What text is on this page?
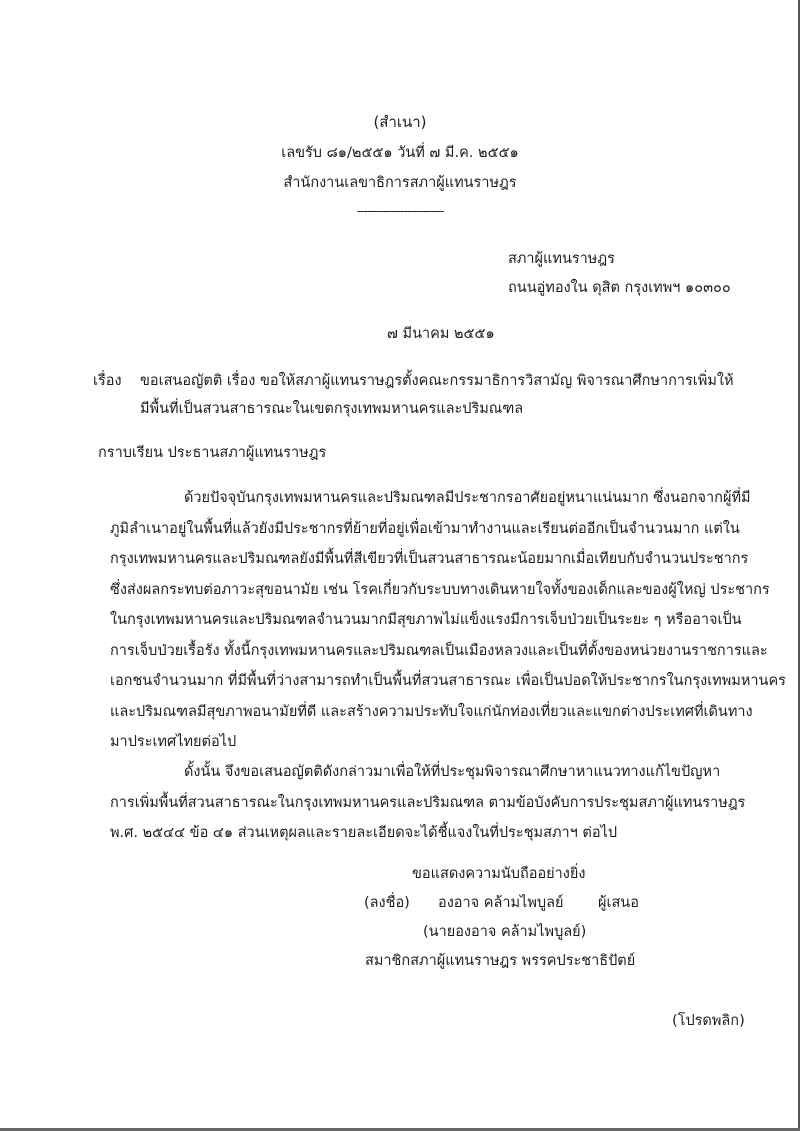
(สำเนา)
เลขรับ ๘๑/๒๕๕๑ วันที่ ๗ มี.ค. ๒๕๕๑
สำนักงานเลขาธิการสภาผู้แทนราษฎร
--------------------------
สภาผู้แทนราษฎร
ถนนอู่ทองใน ดุสิต กรุงเทพฯ ๑๐๓๐๐
๗ มีนาคม ๒๕๕๑
เรื่อง ขอเสนอญัตติ เรื่อง ขอให้สภาผู้แทนราษฎรตั้งคณะกรรมาธิการวิสามัญ พิจารณาศึกษาการเพิ่มให้
มีพื้นที่เป็นสวนสาธารณะในเขตกรุงเทพมหานครและปริมณฑล
กราบเรียน ประธานสภาผู้แทนราษฎร
ด้วยปัจจุบันกรุงเทพมหานครและปริมณฑลมีประชากรอาศัยอยู่หนาแน่นมาก ซึ่งนอกจากผู้ที่มี
ภูมิลำเนาอยู่ในพื้นที่แล้วยังมีประชากรที่ย้ายที่อยู่เพื่อเข้ามาทำงานและเรียนต่ออีกเป็นจำนวนมาก แต่ใน
กรุงเทพมหานครและปริมณฑลยังมีพื้นที่สีเขียวที่เป็นสวนสาธารณะน้อยมากเมื่อเทียบกับจำนวนประชากร
ซึ่งส่งผลกระทบต่อภาวะสุขอนามัย เช่น โรคเกี่ยวกับระบบทางเดินหายใจทั้งของเด็กและของผู้ใหญ่ ประชากร
ในกรุงเทพมหานครและปริมณฑลจำนวนมากมีสุขภาพไม่แข็งแรงมีการเจ็บป่วยเป็นระยะ ๆ หรืออาจเป็น
การเจ็บป่วยเรื้อรัง ทั้งนี้กรุงเทพมหานครและปริมณฑลเป็นเมืองหลวงและเป็นที่ตั้งของหน่วยงานราชการและ
เอกชนจำนวนมาก ที่มีพื้นที่ว่างสามารถทำเป็นพื้นที่สวนสาธารณะ เพื่อเป็นปอดให้ประชากรในกรุงเทพมหานคร
และปริมณฑลมีสุขภาพอนามัยที่ดี และสร้างความประทับใจแก่นักท่องเที่ยวและแขกต่างประเทศที่เดินทาง
มาประเทศไทยต่อไป
ดั้งนั้น จึงขอเสนอญัตติดังกล่าวมาเพื่อให้ที่ประชุมพิจารณาศึกษาหาแนวทางแก้ไขปัญหา
การเพิ่มพื้นที่สวนสาธารณะในกรุงเทพมหานครและปริมณฑล ตามข้อบังคับการประชุมสภาผู้แทนราษฎร
พ.ศ. ๒๕๔๔ ข้อ ๔๑ ส่วนเหตุผลและรายละเอียดจะได้ชี้แจงในที่ประชุมสภาฯ ต่อไป
ขอแสดงความนับถืออย่างยิ่ง
(ลงชื่อ) องอาจ คล้ามไพบูลย์ ผู้เสนอ
(นายองอาจ คล้ามไพบูลย์)
สมาชิกสภาผู้แทนราษฎร พรรคประชาธิปัตย์
(โปรดพลิก)
